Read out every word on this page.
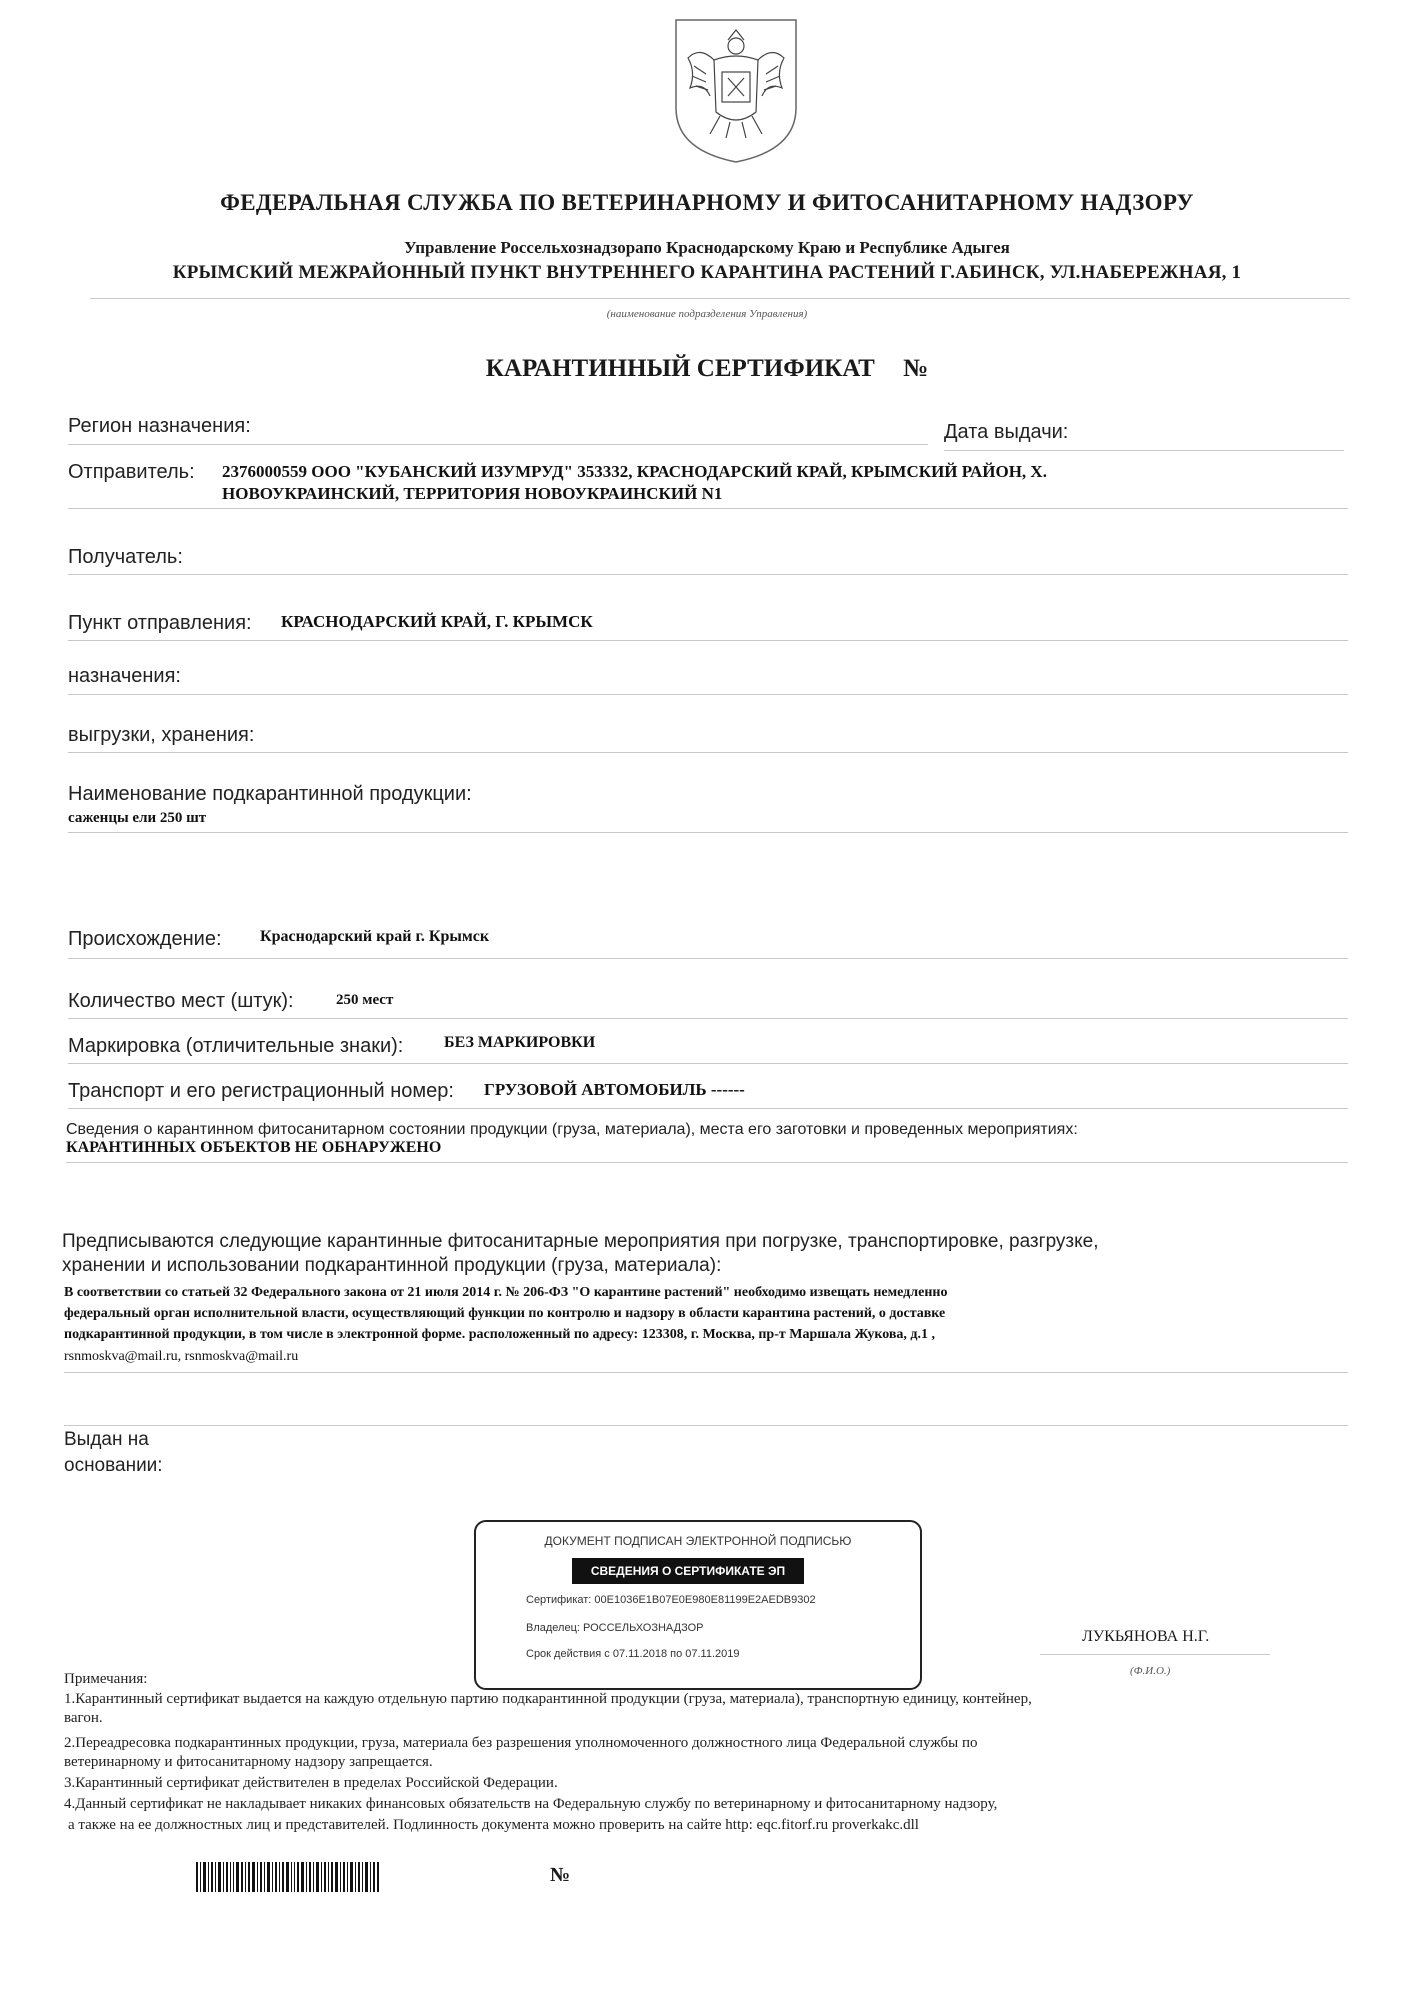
ФЕДЕРАЛЬНАЯ СЛУЖБА ПО ВЕТЕРИНАРНОМУ И ФИТОСАНИТАРНОМУ НАДЗОРУ
Управление Россельхознадзорапо Краснодарскому Краю и Республике Адыгея
КРЫМСКИЙ МЕЖРАЙОННЫЙ ПУНКТ ВНУТРЕННЕГО КАРАНТИНА РАСТЕНИЙ Г.АБИНСК, УЛ.НАБЕРЕЖНАЯ, 1
(наименование подразделения Управления)
КАРАНТИННЫЙ СЕРТИФИКАТ №
Регион назначения:	Дата выдачи:
Отправитель: 2376000559 ООО "КУБАНСКИЙ ИЗУМРУД" 353332, КРАСНОДАРСКИЙ КРАЙ, КРЫМСКИЙ РАЙОН, Х.
НОВОУКРАИНСКИЙ, ТЕРРИТОРИЯ НОВОУКРАИНСКИЙ N1
Получатель:
Пункт отправления: КРАСНОДАРСКИЙ КРАЙ, Г. КРЫМСК
назначения:
выгрузки, хранения:
Наименование подкарантинной продукции:
саженцы ели 250 шт
Происхождение: Краснодарский край г. Крымск
Количество мест (штук):	250 мест
Маркировка (отличительные знаки):	БЕЗ МАРКИРОВКИ
Транспорт и его регистрационный номер: ГРУЗОВОЙ АВТОМОБИЛЬ ------
Сведения о карантинном фитосанитарном состоянии продукции (груза, материала), места его заготовки и проведенных мероприятиях:
КАРАНТИННЫХ ОБЪЕКТОВ НЕ ОБНАРУЖЕНО
Предписываются следующие карантинные фитосанитарные мероприятия при погрузке, транспортировке, разгрузке,
хранении и использовании подкарантинной продукции (груза, материала):
В соответствии со статьей 32 Федерального закона от 21 июля 2014 г. № 206-ФЗ "О карантине растений" необходимо извещать немедленно
федеральный орган исполнительной власти, осуществляющий функции по контролю и надзору в области карантина растений, о доставке
подкарантинной продукции, в том числе в электронной форме. расположенный по адресу: 123308, г. Москва, пр-т Маршала Жукова, д.1 ,
rsnmoskva@mail.ru, rsnmoskva@mail.ru
Выдан на
основании:
ДОКУМЕНТ ПОДПИСАН ЭЛЕКТРОННОЙ ПОДПИСЬЮ
СВЕДЕНИЯ О СЕРТИФИКАТЕ ЭП
Сертификат: 00E1036E1B07E0E980E81199E2AEDB9302
Владелец: РОССЕЛЬХОЗНАДЗОР
Срок действия с 07.11.2018 по 07.11.2019
ЛУКЬЯНОВА Н.Г.
(Ф.И.О.)
Примечания:
1.Карантинный сертификат выдается на каждую отдельную партию подкарантинной продукции (груза, материала), транспортную единицу, контейнер,
вагон.
2.Переадресовка подкарантинных продукции, груза, материала без разрешения уполномоченного должностного лица Федеральной службы по
ветеринарному и фитосанитарному надзору запрещается.
3.Карантинный сертификат действителен в пределах Российской Федерации.
4.Данный сертификат не накладывает никаких финансовых обязательств на Федеральную службу по ветеринарному и фитосанитарному надзору,
а также на ее должностных лиц и представителей. Подлинность документа можно проверить на сайте http: eqc.fitorf.ru proverkakc.dll
№
